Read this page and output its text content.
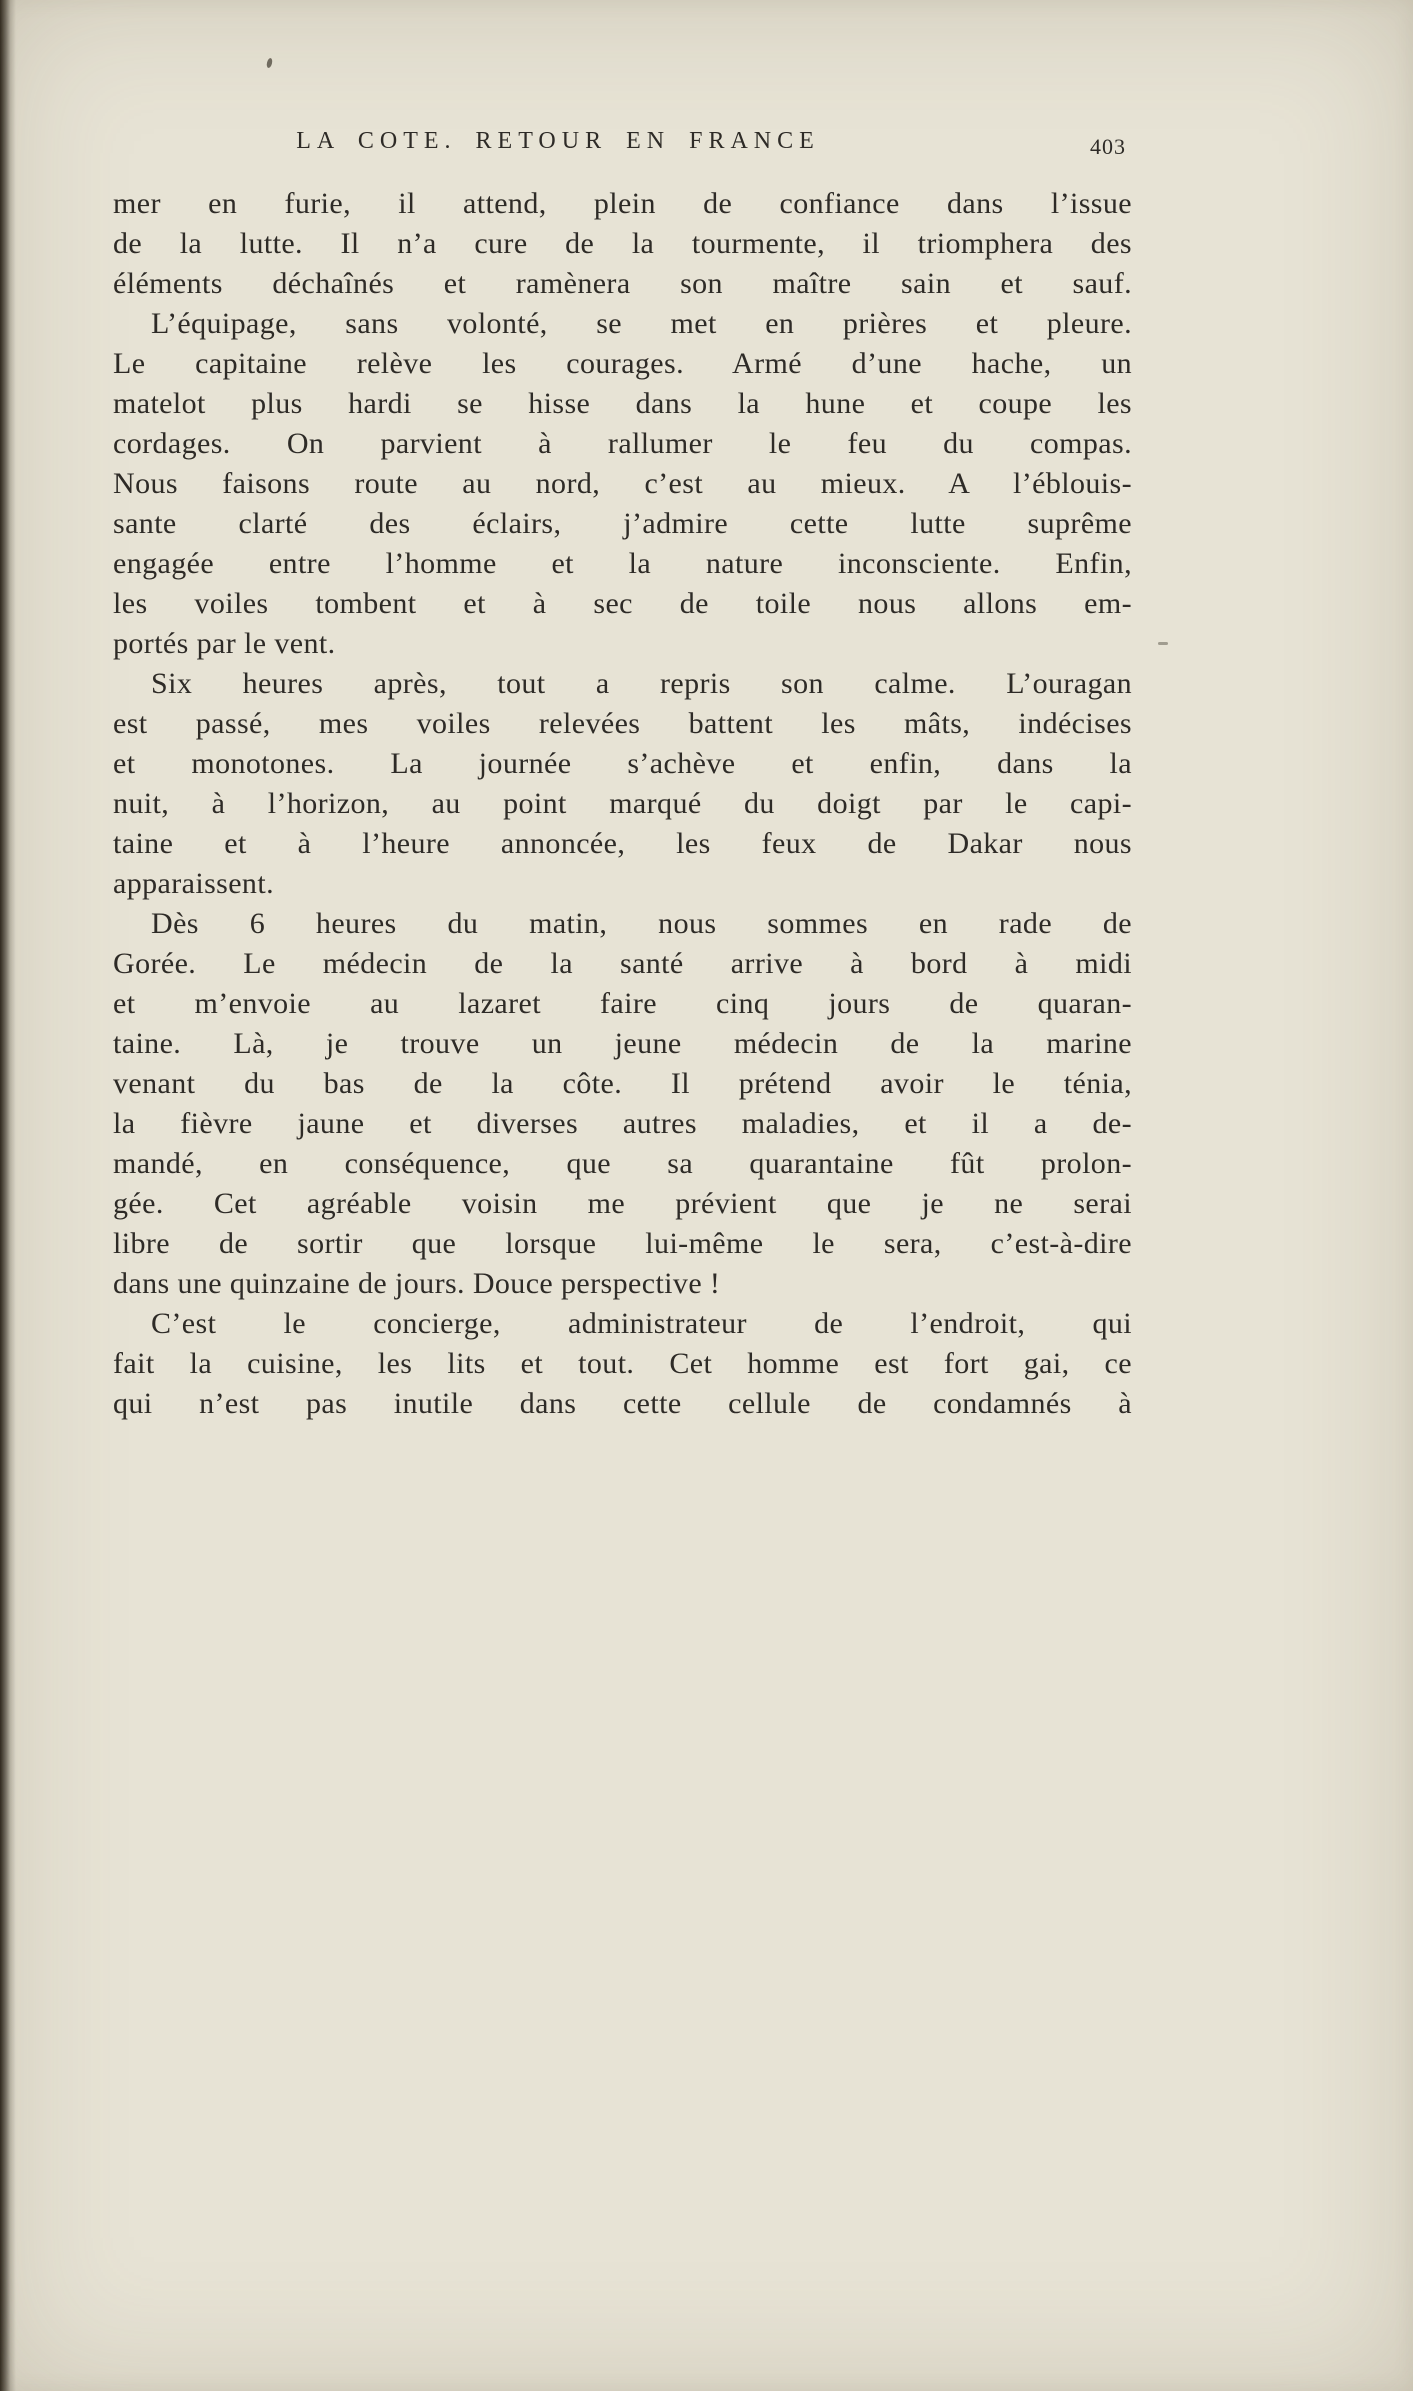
LA COTE. RETOUR EN FRANCE	403
mer en furie, il attend, plein de confiance dans l’issue
de la lutte. Il n’a cure de la tourmente, il triomphera des
éléments déchaînés et ramènera son maître sain et sauf.
L’équipage, sans volonté, se met en prières et pleure.
Le capitaine relève les courages. Armé d’une hache, un
matelot plus hardi se hisse dans la hune et coupe les
cordages. On parvient à rallumer le feu du compas.
Nous faisons route au nord, c’est au mieux. A l’éblouis-
sante clarté des éclairs, j’admire cette lutte suprême
engagée entre l’homme et la nature inconsciente. Enfin,
les voiles tombent et à sec de toile nous allons em-
portés par le vent.
Six heures après, tout a repris son calme. L’ouragan
est passé, mes voiles relevées battent les mâts, indécises
et monotones. La journée s’achève et enfin, dans la
nuit, à l’horizon, au point marqué du doigt par le capi-
taine et à l’heure annoncée, les feux de Dakar nous
apparaissent.
Dès 6 heures du matin, nous sommes en rade de
Gorée. Le médecin de la santé arrive à bord à midi
et m’envoie au lazaret faire cinq jours de quaran-
taine. Là, je trouve un jeune médecin de la marine
venant du bas de la côte. Il prétend avoir le ténia,
la fièvre jaune et diverses autres maladies, et il a de-
mandé, en conséquence, que sa quarantaine fût prolon-
gée. Cet agréable voisin me prévient que je ne serai
libre de sortir que lorsque lui-même le sera, c’est-à-dire
dans une quinzaine de jours. Douce perspective !
C’est le concierge, administrateur de l’endroit, qui
fait la cuisine, les lits et tout. Cet homme est fort gai, ce
qui n’est pas inutile dans cette cellule de condamnés à
